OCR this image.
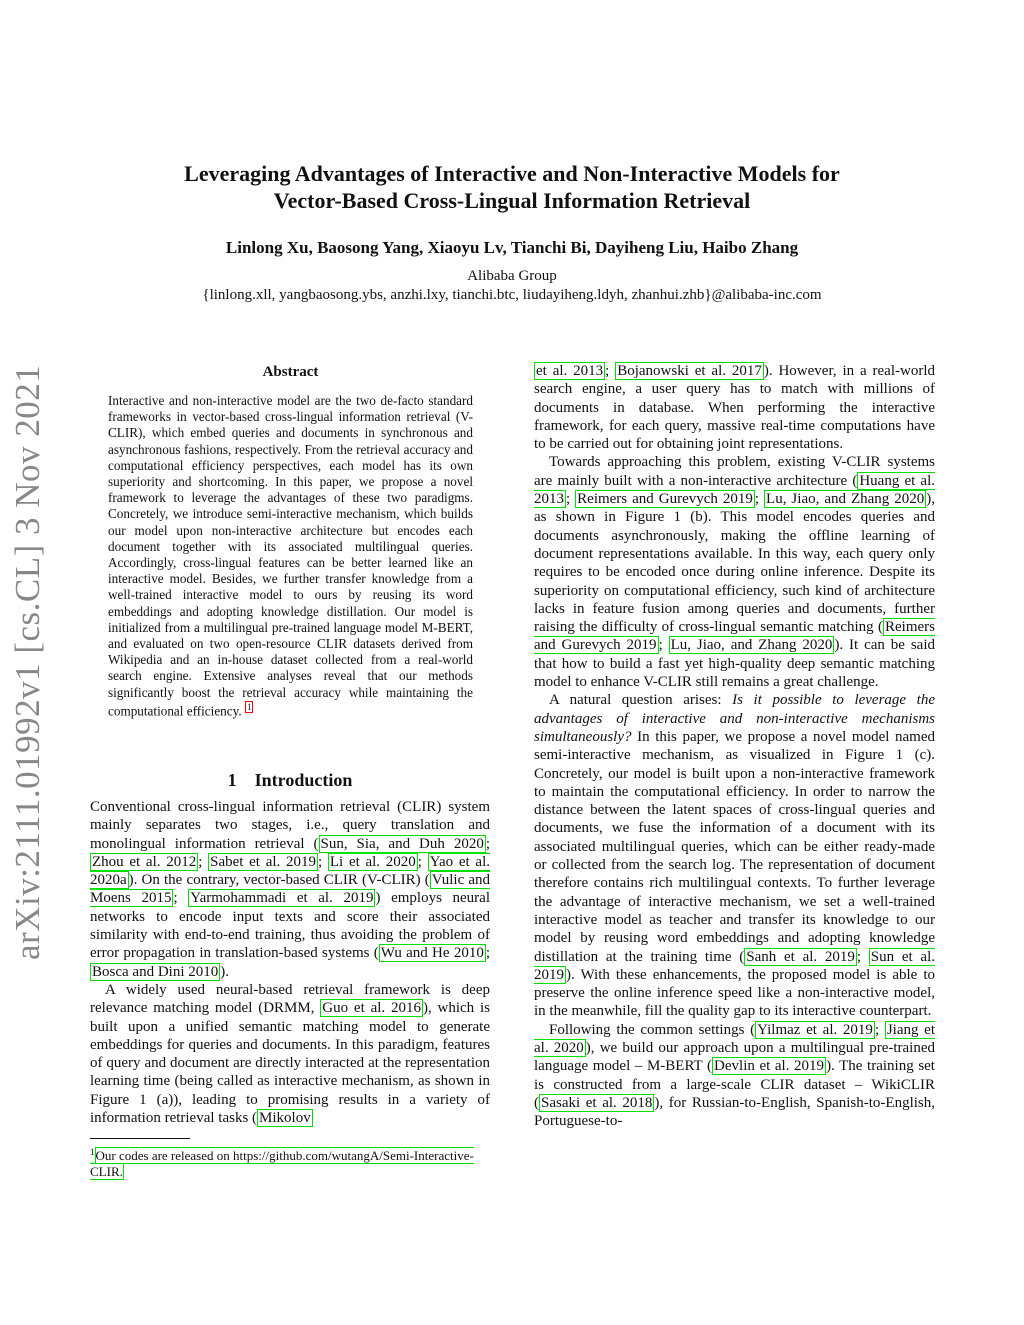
Leveraging Advantages of Interactive and Non-Interactive Models for
Vector-Based Cross-Lingual Information Retrieval
Linlong Xu, Baosong Yang, Xiaoyu Lv, Tianchi Bi, Dayiheng Liu, Haibo Zhang
Alibaba Group
{linlong.xll, yangbaosong.ybs, anzhi.lxy, tianchi.btc, liudayiheng.ldyh, zhanhui.zhb}@alibaba-inc.com
arXiv:2111.01992v1 [cs.CL] 3 Nov 2021	Abstract
Interactive and non-interactive model are the two de-facto standard frameworks in vector-based cross-lingual information retrieval (V-CLIR), which embed queries and documents in synchronous and asynchronous fashions, respectively. From the retrieval accuracy and computational efficiency perspectives, each model has its own superiority and shortcoming. In this paper, we propose a novel framework to leverage the advantages of these two paradigms. Concretely, we introduce semi-interactive mechanism, which builds our model upon non-interactive architecture but encodes each document together with its associated multilingual queries. Accordingly, cross-lingual features can be better learned like an interactive model. Besides, we further transfer knowledge from a well-trained interactive model to ours by reusing its word embeddings and adopting knowledge distillation. Our model is initialized from a multilingual pre-trained language model M-BERT, and evaluated on two open-resource CLIR datasets derived from Wikipedia and an in-house dataset collected from a real-world search engine. Extensive analyses reveal that our methods significantly boost the retrieval accuracy while maintaining the computational efficiency. 1
1 Introduction

Conventional cross-lingual information retrieval (CLIR) system mainly separates two stages, i.e., query translation and monolingual information retrieval ( Sun, Sia, and Duh 2020 ; Zhou et al. 2012 ; Sabet et al. 2019 ; Li et al. 2020 ; Yao et al. 2020a ). On the contrary, vector-based CLIR (V-CLIR) ( Vulic and Moens 2015 ; Yarmohammadi et al. 2019 ) employs neural networks to encode input texts and score their associated similarity with end-to-end training, thus avoiding the problem of error propagation in translation-based systems ( Wu and He 2010 ; Bosca and Dini 2010 ).

A widely used neural-based retrieval framework is deep relevance matching model (DRMM, Guo et al. 2016 ), which is built upon a unified semantic matching model to generate embeddings for queries and documents. In this paradigm, features of query and document are directly interacted at the representation learning time (being called as interactive mechanism, as shown in Figure 1 (a)), leading to promising results in a variety of information retrieval tasks ( Mikolov

$^1$Our codes are released on https://github.com/wutangA/Semi-Interactive-CLIR.

et al. 2013 ; Bojanowski et al. 2017 ). However, in a real-world search engine, a user query has to match with millions of documents in database. When performing the interactive framework, for each query, massive real-time computations have to be carried out for obtaining joint representations.

Towards approaching this problem, existing V-CLIR systems are mainly built with a non-interactive architecture ( Huang et al. 2013 ; Reimers and Gurevych 2019 ; Lu, Jiao, and Zhang 2020 ), as shown in Figure 1 (b). This model encodes queries and documents asynchronously, making the offline learning of document representations available. In this way, each query only requires to be encoded once during online inference. Despite its superiority on computational efficiency, such kind of architecture lacks in feature fusion among queries and documents, further raising the difficulty of cross-lingual semantic matching ( Reimers and Gurevych 2019 ; Lu, Jiao, and Zhang 2020 ). It can be said that how to build a fast yet high-quality deep semantic matching model to enhance V-CLIR still remains a great challenge.

A natural question arises: Is it possible to leverage the advantages of interactive and non-interactive mechanisms simultaneously? In this paper, we propose a novel model named semi-interactive mechanism, as visualized in Figure 1 (c). Concretely, our model is built upon a non-interactive framework to maintain the computational efficiency. In order to narrow the distance between the latent spaces of cross-lingual queries and documents, we fuse the information of a document with its associated multilingual queries, which can be either ready-made or collected from the search log. The representation of document therefore contains rich multilingual contexts. To further leverage the advantage of interactive mechanism, we set a well-trained interactive model as teacher and transfer its knowledge to our model by reusing word embeddings and adopting knowledge distillation at the training time ( Sanh et al. 2019 ; Sun et al. 2019 ). With these enhancements, the proposed model is able to preserve the online inference speed like a non-interactive model, in the meanwhile, fill the quality gap to its interactive counterpart.

Following the common settings ( Yilmaz et al. 2019 ; Jiang et al. 2020 ), we build our approach upon a multilingual pre-trained language model – M-BERT ( Devlin et al. 2019 ). The training set is constructed from a large-scale CLIR dataset – WikiCLIR ( Sasaki et al. 2018 ), for Russian-to-English, Spanish-to-English, Portuguese-to-
